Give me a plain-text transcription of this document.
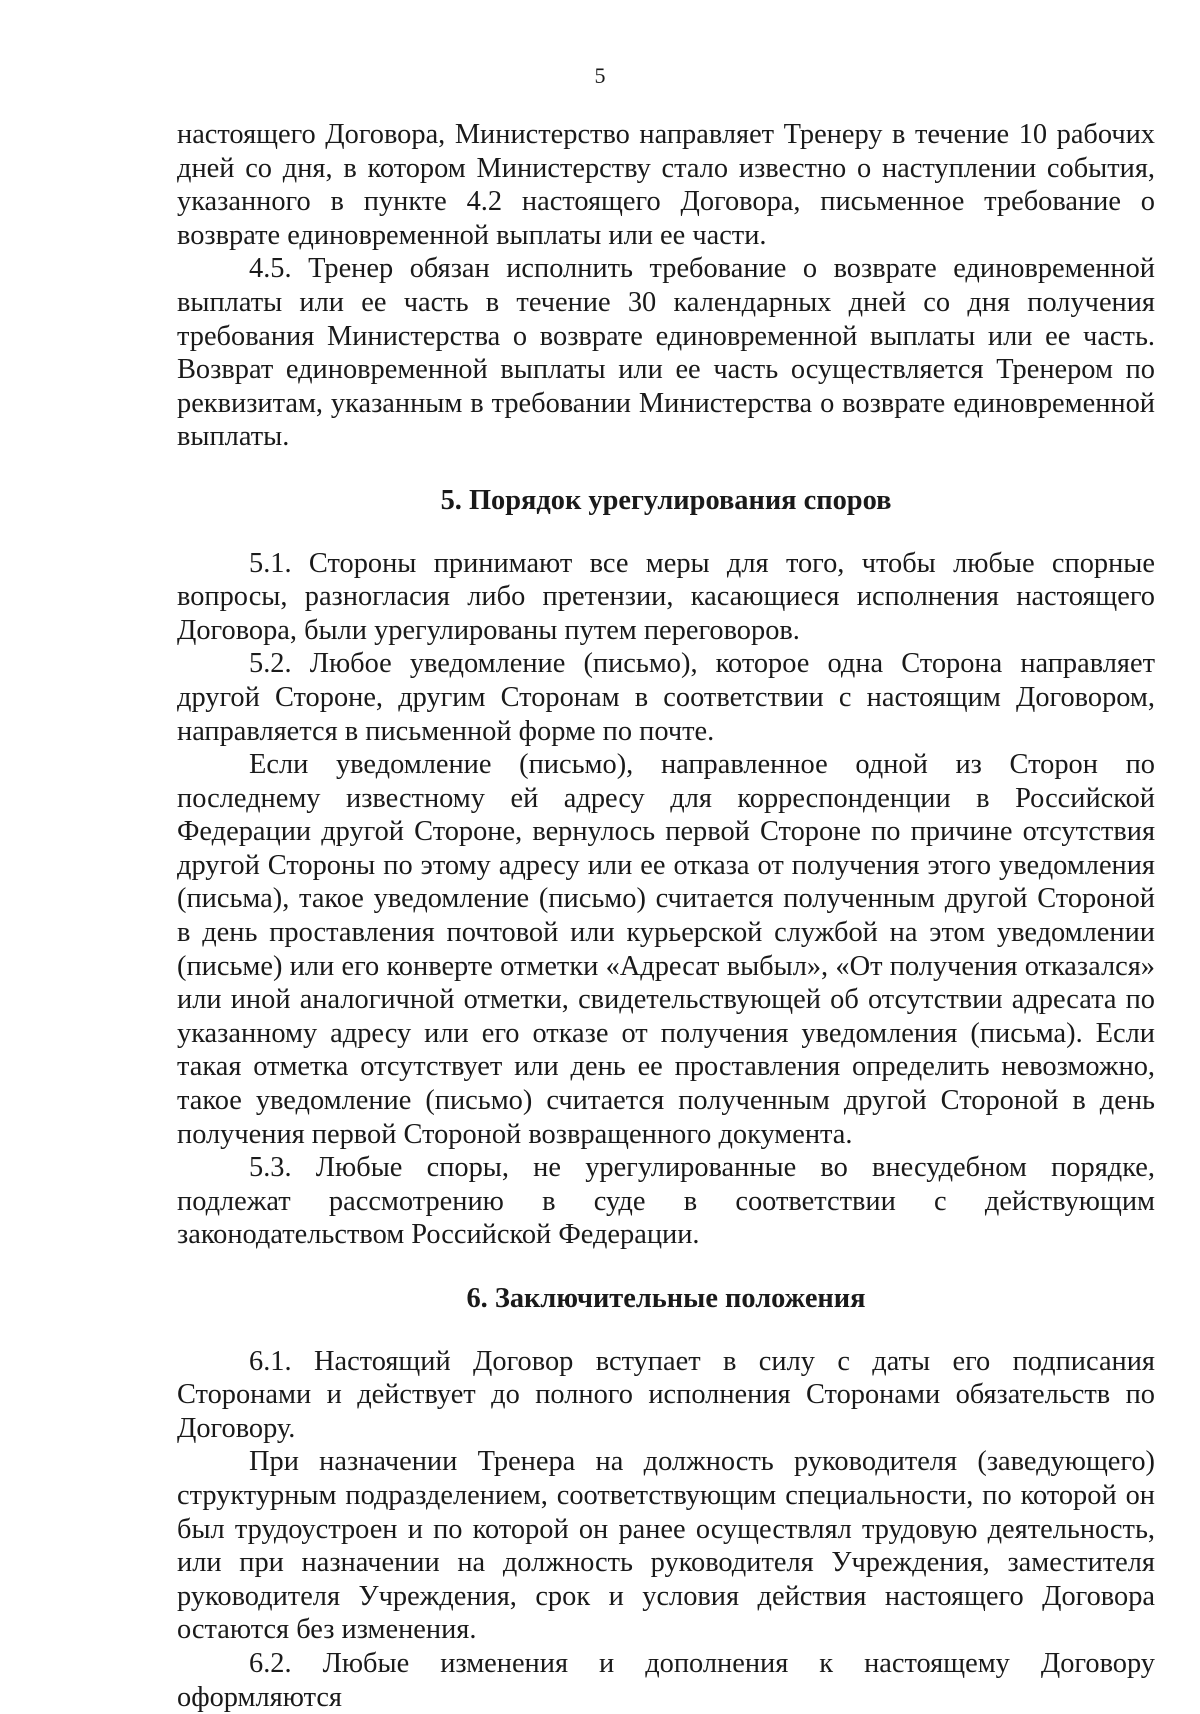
5

настоящего Договора, Министерство направляет Тренеру в течение 10 рабочих дней со дня, в котором Министерству стало известно о наступлении события, указанного в пункте 4.2 настоящего Договора, письменное требование о возврате единовременной выплаты или ее части.

4.5. Тренер обязан исполнить требование о возврате единовременной выплаты или ее часть в течение 30 календарных дней со дня получения требования Министерства о возврате единовременной выплаты или ее часть. Возврат единовременной выплаты или ее часть осуществляется Тренером по реквизитам, указанным в требовании Министерства о возврате единовременной выплаты.

5. Порядок урегулирования споров

5.1. Стороны принимают все меры для того, чтобы любые спорные вопросы, разногласия либо претензии, касающиеся исполнения настоящего Договора, были урегулированы путем переговоров.

5.2. Любое уведомление (письмо), которое одна Сторона направляет другой Стороне, другим Сторонам в соответствии с настоящим Договором, направляется в письменной форме по почте.

Если уведомление (письмо), направленное одной из Сторон по последнему известному ей адресу для корреспонденции в Российской Федерации другой Стороне, вернулось первой Стороне по причине отсутствия другой Стороны по этому адресу или ее отказа от получения этого уведомления (письма), такое уведомление (письмо) считается полученным другой Стороной в день проставления почтовой или курьерской службой на этом уведомлении (письме) или его конверте отметки «Адресат выбыл», «От получения отказался» или иной аналогичной отметки, свидетельствующей об отсутствии адресата по указанному адресу или его отказе от получения уведомления (письма). Если такая отметка отсутствует или день ее проставления определить невозможно, такое уведомление (письмо) считается полученным другой Стороной в день получения первой Стороной возвращенного документа.

5.3. Любые споры, не урегулированные во внесудебном порядке, подлежат рассмотрению в суде в соответствии с действующим законодательством Российской Федерации.

6. Заключительные положения

6.1. Настоящий Договор вступает в силу с даты его подписания Сторонами и действует до полного исполнения Сторонами обязательств по Договору.

При назначении Тренера на должность руководителя (заведующего) структурным подразделением, соответствующим специальности, по которой он был трудоустроен и по которой он ранее осуществлял трудовую деятельность, или при назначении на должность руководителя Учреждения, заместителя руководителя Учреждения, срок и условия действия настоящего Договора остаются без изменения.

6.2. Любые изменения и дополнения к настоящему Договору оформляются
